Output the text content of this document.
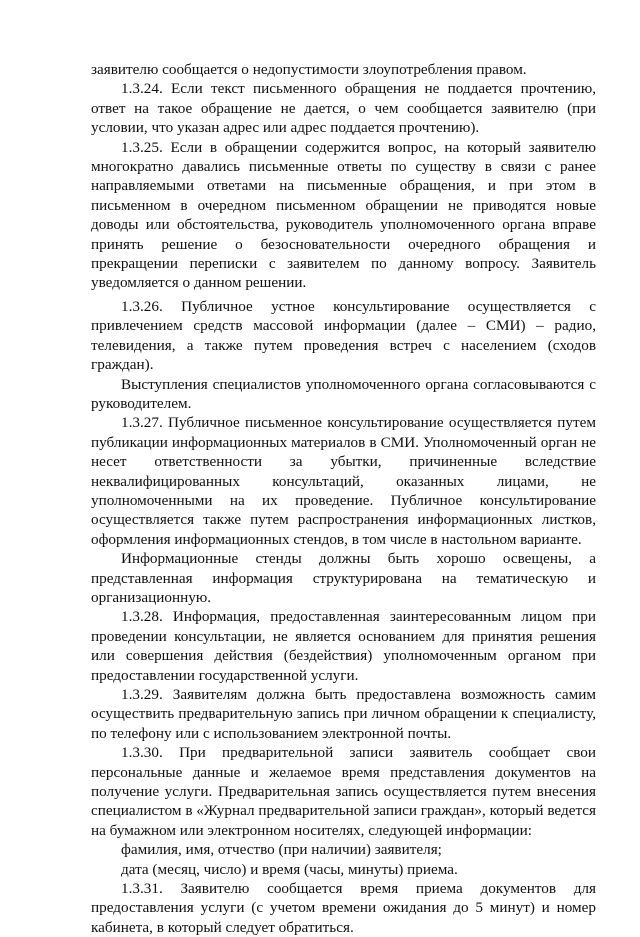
заявителю сообщается о недопустимости злоупотребления правом.

1.3.24. Если текст письменного обращения не поддается прочтению, ответ на такое обращение не дается, о чем сообщается заявителю (при условии, что указан адрес или адрес поддается прочтению).

1.3.25. Если в обращении содержится вопрос, на который заявителю многократно давались письменные ответы по существу в связи с ранее направляемыми ответами на письменные обращения, и при этом в письменном в очередном письменном обращении не приводятся новые доводы или обстоятельства, руководитель уполномоченного органа вправе принять решение о безосновательности очередного обращения и прекращении переписки с заявителем по данному вопросу. Заявитель уведомляется о данном решении.

1.3.26. Публичное устное консультирование осуществляется с привлечением средств массовой информации (далее – СМИ) – радио, телевидения, а также путем проведения встреч с населением (сходов граждан).

Выступления специалистов уполномоченного органа согласовываются с руководителем.

1.3.27. Публичное письменное консультирование осуществляется путем публикации информационных материалов в СМИ. Уполномоченный орган не несет ответственности за убытки, причиненные вследствие неквалифицированных консультаций, оказанных лицами, не уполномоченными на их проведение. Публичное консультирование осуществляется также путем распространения информационных листков, оформления информационных стендов, в том числе в настольном варианте.

Информационные стенды должны быть хорошо освещены, а представленная информация структурирована на тематическую и организационную.

1.3.28. Информация, предоставленная заинтересованным лицом при проведении консультации, не является основанием для принятия решения или совершения действия (бездействия) уполномоченным органом при предоставлении государственной услуги.

1.3.29. Заявителям должна быть предоставлена возможность самим осуществить предварительную запись при личном обращении к специалисту, по телефону или с использованием электронной почты.

1.3.30. При предварительной записи заявитель сообщает свои персональные данные и желаемое время представления документов на получение услуги. Предварительная запись осуществляется путем внесения специалистом в «Журнал предварительной записи граждан», который ведется на бумажном или электронном носителях, следующей информации:

фамилия, имя, отчество (при наличии) заявителя;

дата (месяц, число) и время (часы, минуты) приема.

1.3.31. Заявителю сообщается время приема документов для предоставления услуги (с учетом времени ожидания до 5 минут) и номер кабинета, в который следует обратиться.
